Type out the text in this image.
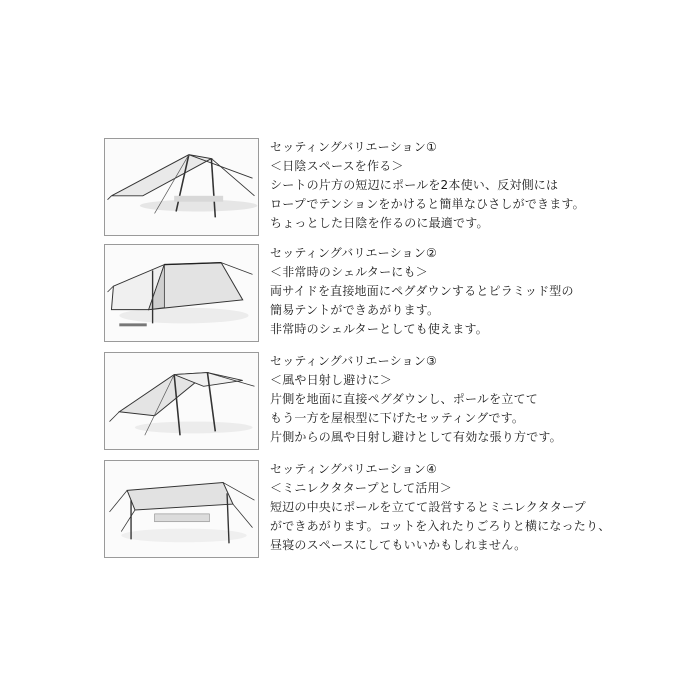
セッティングバリエーション①
＜日陰スペースを作る＞
シートの片方の短辺にポールを2本使い、反対側には
ロープでテンションをかけると簡単なひさしができます。
ちょっとした日陰を作るのに最適です。
セッティングバリエーション②
＜非常時のシェルターにも＞
両サイドを直接地面にペグダウンするとピラミッド型の
簡易テントができあがります。
非常時のシェルターとしても使えます。
セッティングバリエーション③
＜風や日射し避けに＞
片側を地面に直接ペグダウンし、ポールを立てて
もう一方を屋根型に下げたセッティングです。
片側からの風や日射し避けとして有効な張り方です。
セッティングバリエーション④
＜ミニレクタタープとして活用＞
短辺の中央にポールを立てて設営するとミニレクタタープ
ができあがります。コットを入れたりごろりと横になったり、
昼寝のスペースにしてもいいかもしれません。
